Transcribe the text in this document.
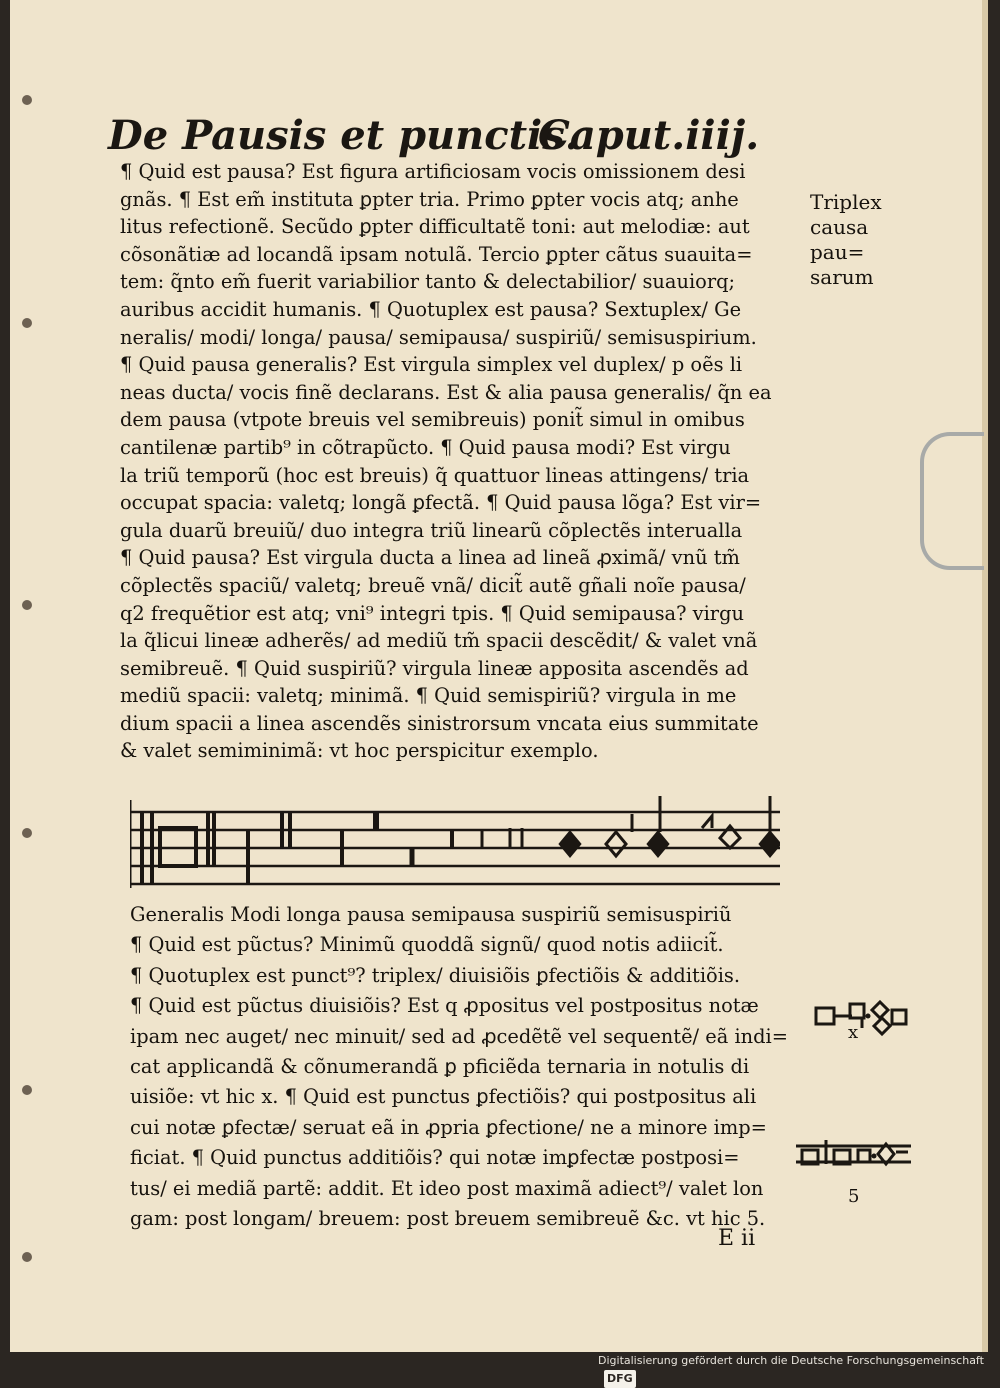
De Pausis et punctis.
Caput.iiij.
¶ Quid est pausa? Est figura artificiosam vocis omissionem desi
gnãs. ¶ Est em̃ instituta ꝑpter tria. Primo ꝑpter vocis atq; anhe
litus refectionẽ. Secũdo ꝑpter difficultatẽ toni: aut melodiæ: aut
cõsonãtiæ ad locandã ipsam notulã. Tercio ꝑpter cãtus suauita=
tem: q̃nto em̃ fuerit variabilior tanto & delectabilior/ suauiorq;
auribus accidit humanis. ¶ Quotuplex est pausa? Sextuplex/ Ge
neralis/ modi/ longa/ pausa/ semipausa/ suspiriũ/ semisuspirium.
¶ Quid pausa generalis? Est virgula simplex vel duplex/ p oẽs li
neas ducta/ vocis finẽ declarans. Est & alia pausa generalis/ q̃n ea
dem pausa (vtpote breuis vel semibreuis) ponit̃ simul in omibus
cantilenæ partib⁹ in cõtrapũcto. ¶ Quid pausa modi? Est virgu
la triũ temporũ (hoc est breuis) q̃ quattuor lineas attingens/ tria
occupat spacia: valetq; longã ꝑfectã. ¶ Quid pausa lõga? Est vir=
gula duarũ breuiũ/ duo integra triũ linearũ cõplectẽs interualla
¶ Quid pausa? Est virgula ducta a linea ad lineã ꝓximã/ vnũ tm̃
cõplectẽs spaciũ/ valetq; breuẽ vnã/ dicit̃ autẽ gñali noĩe pausa/
q2 frequẽtior est atq; vni⁹ integri tpis. ¶ Quid semipausa? virgu
la q̃licui lineæ adherẽs/ ad mediũ tm̃ spacii descẽdit/ & valet vnã
semibreuẽ. ¶ Quid suspiriũ? virgula lineæ apposita ascendẽs ad
mediũ spacii: valetq; minimã. ¶ Quid semispiriũ? virgula in me
dium spacii a linea ascendẽs sinistrorsum vncata eius summitate
& valet semiminimã: vt hoc perspicitur exemplo.
Triplex
causa pau=
sarum
Generalis Modi longa pausa semipausa suspiriũ semisuspiriũ
¶ Quid est pũctus? Minimũ quoddã signũ/ quod notis adiicit̃.
¶ Quotuplex est punct⁹? triplex/ diuisiõis ꝑfectiõis & additiõis.
¶ Quid est pũctus diuisiõis? Est q ꝓpositus vel postpositus notæ
ipam nec auget/ nec minuit/ sed ad ꝓcedẽtẽ vel sequentẽ/ eã indi=
cat applicandã & cõnumerandã ꝑ pficiẽda ternaria in notulis di
uisiõe: vt hic x. ¶ Quid est punctus ꝑfectiõis? qui postpositus ali
cui notæ ꝑfectæ/ seruat eã in ꝓpria ꝑfectione/ ne a minore imp=
ficiat. ¶ Quid punctus additiõis? qui notæ imꝑfectæ postposi=
tus/ ei mediã partẽ: addit. Et ideo post maximã adiect⁹/ valet lon
gam: post longam/ breuem: post breuem semibreuẽ &c. vt hic 5.
x
5
E ii
Digitalisierung gefördert durch die Deutsche Forschungsgemeinschaft DFG
